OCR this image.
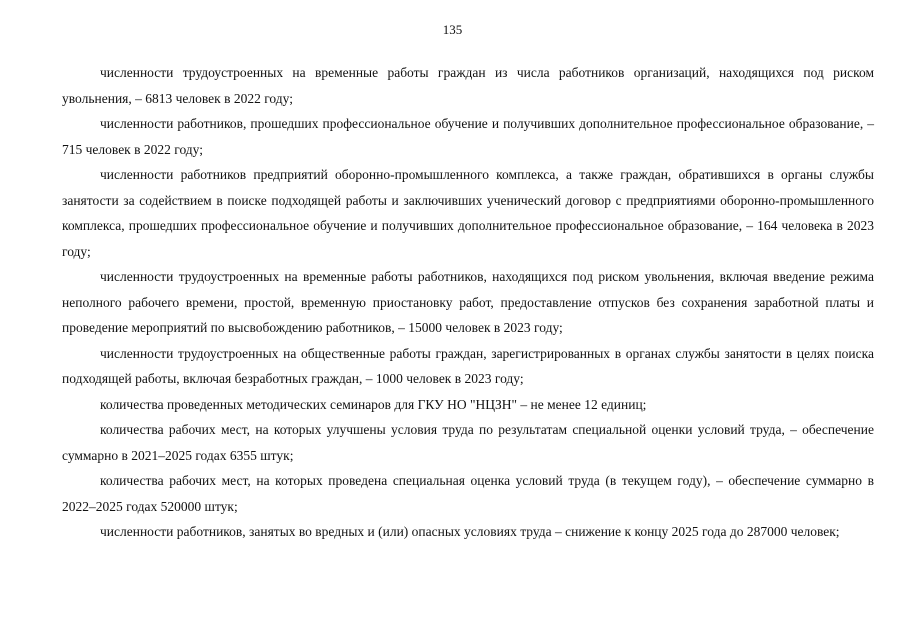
135

численности трудоустроенных на временные работы граждан из числа работников организаций, находящихся под риском увольнения, – 6813 человек в 2022 году;

численности работников, прошедших профессиональное обучение и получивших дополнительное профессиональное образование, – 715 человек в 2022 году;

численности работников предприятий оборонно-промышленного комплекса, а также граждан, обратившихся в органы службы занятости за содействием в поиске подходящей работы и заключивших ученический договор с предприятиями оборонно-промышленного комплекса, прошедших профессиональное обучение и получивших дополнительное профессиональное образование, – 164 человека в 2023 году;

численности трудоустроенных на временные работы работников, находящихся под риском увольнения, включая введение режима неполного рабочего времени, простой, временную приостановку работ, предоставление отпусков без сохранения заработной платы и проведение мероприятий по высвобождению работников, – 15000 человек в 2023 году;

численности трудоустроенных на общественные работы граждан, зарегистрированных в органах службы занятости в целях поиска подходящей работы, включая безработных граждан, – 1000 человек в 2023 году;

количества проведенных методических семинаров для ГКУ НО "НЦЗН" – не менее 12 единиц;

количества рабочих мест, на которых улучшены условия труда по результатам специальной оценки условий труда, – обеспечение суммарно в 2021–2025 годах 6355 штук;

количества рабочих мест, на которых проведена специальная оценка условий труда (в текущем году), – обеспечение суммарно в 2022–2025 годах 520000 штук;

численности работников, занятых во вредных и (или) опасных условиях труда – снижение к концу 2025 года до 287000 человек;
